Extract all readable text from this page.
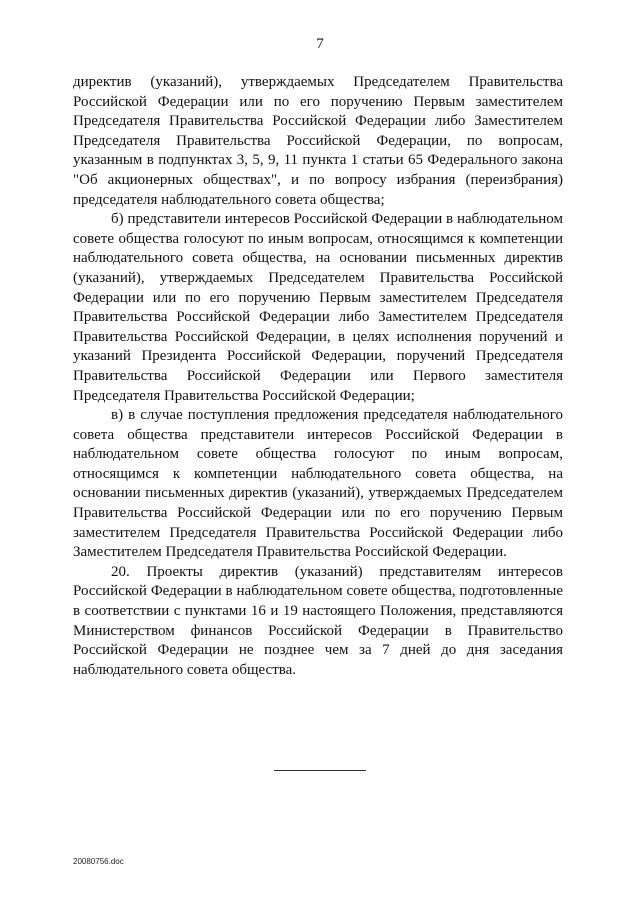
7

директив (указаний), утверждаемых Председателем Правительства Российской Федерации или по его поручению Первым заместителем Председателя Правительства Российской Федерации либо Заместителем Председателя Правительства Российской Федерации, по вопросам, указанным в подпунктах 3, 5, 9, 11 пункта 1 статьи 65 Федерального закона "Об акционерных обществах", и по вопросу избрания (переизбрания) председателя наблюдательного совета общества;

б) представители интересов Российской Федерации в наблюдательном совете общества голосуют по иным вопросам, относящимся к компетенции наблюдательного совета общества, на основании письменных директив (указаний), утверждаемых Председателем Правительства Российской Федерации или по его поручению Первым заместителем Председателя Правительства Российской Федерации либо Заместителем Председателя Правительства Российской Федерации, в целях исполнения поручений и указаний Президента Российской Федерации, поручений Председателя Правительства Российской Федерации или Первого заместителя Председателя Правительства Российской Федерации;

в) в случае поступления предложения председателя наблюдательного совета общества представители интересов Российской Федерации в наблюдательном совете общества голосуют по иным вопросам, относящимся к компетенции наблюдательного совета общества, на основании письменных директив (указаний), утверждаемых Председателем Правительства Российской Федерации или по его поручению Первым заместителем Председателя Правительства Российской Федерации либо Заместителем Председателя Правительства Российской Федерации.

20. Проекты директив (указаний) представителям интересов Российской Федерации в наблюдательном совете общества, подготовленные в соответствии с пунктами 16 и 19 настоящего Положения, представляются Министерством финансов Российской Федерации в Правительство Российской Федерации не позднее чем за 7 дней до дня заседания наблюдательного совета общества.

20080756.doc
